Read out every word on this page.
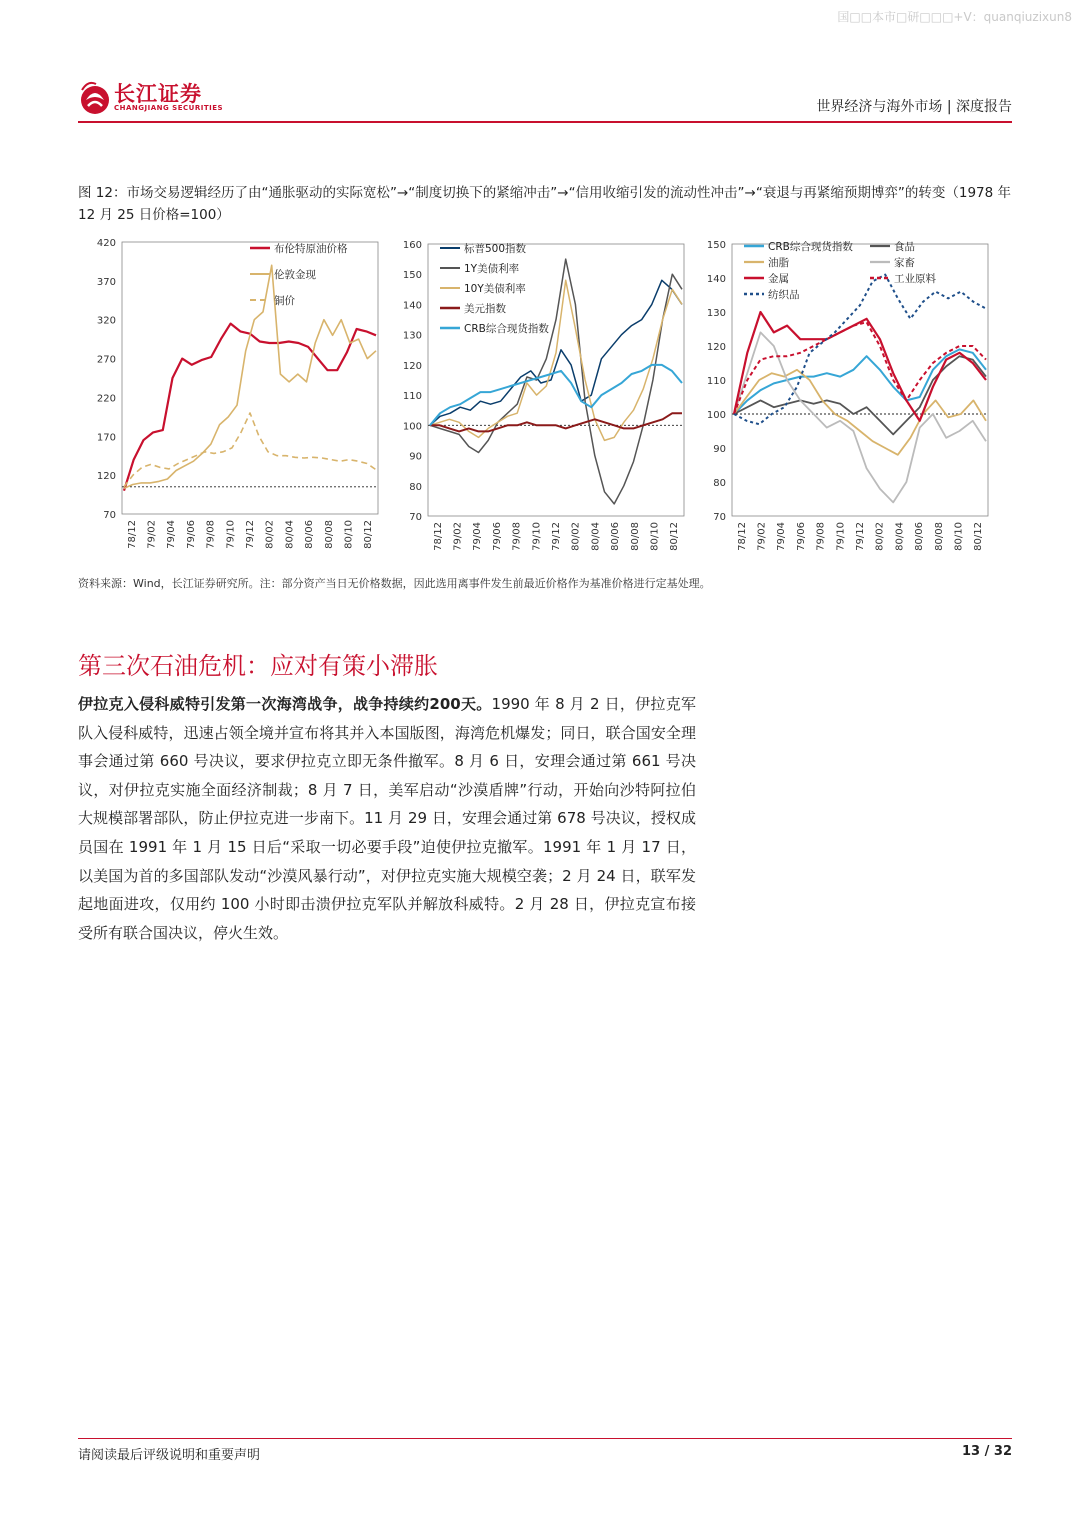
国□□本市□研□□□+V：quanqiuzixun8
长江证券
CHANGJIANG SECURITIES	世界经济与海外市场 | 深度报告
图 12：市场交易逻辑经历了由“通胀驱动的实际宽松”→“制度切换下的紧缩冲击”→“信用收缩引发的流动性冲击”→“衰退与再紧缩预期博弈”的转变（1978 年 12 月 25 日价格=100）
420
370
320
270
220
170
120
70
78/12 79/02 79/04 79/06 79/08 79/10 79/12 80/02 80/04 80/06 80/08 80/10 80/12
布伦特原油价格
伦敦金现
铜价
160
150
140
130
120
110
100
90
80
70
78/12 79/02 79/04 79/06 79/08 79/10 79/12 80/02 80/04 80/06 80/08 80/10 80/12
标普500指数
1Y美债利率
10Y美债利率
美元指数
CRB综合现货指数
150
140
130
120
110
100
90
80
70
78/12 79/02 79/04 79/06 79/08 79/10 79/12 80/02 80/04 80/06 80/08 80/10 80/12
CRB综合现货指数	食品
油脂	家畜
金属	工业原料
纺织品
资料来源：Wind，长江证券研究所。注：部分资产当日无价格数据，因此选用离事件发生前最近价格作为基准价格进行定基处理。
第三次石油危机：应对有策小滞胀
伊拉克入侵科威特引发第一次海湾战争，战争持续约200天。1990 年 8 月 2 日，伊拉克军队入侵科威特，迅速占领全境并宣布将其并入本国版图，海湾危机爆发；同日，联合国安全理事会通过第 660 号决议，要求伊拉克立即无条件撤军。8 月 6 日，安理会通过第 661 号决议，对伊拉克实施全面经济制裁；8 月 7 日，美军启动“沙漠盾牌”行动，开始向沙特阿拉伯大规模部署部队，防止伊拉克进一步南下。11 月 29 日，安理会通过第 678 号决议，授权成员国在 1991 年 1 月 15 日后“采取一切必要手段”迫使伊拉克撤军。1991 年 1 月 17 日，以美国为首的多国部队发动“沙漠风暴行动”，对伊拉克实施大规模空袭；2 月 24 日，联军发起地面进攻，仅用约 100 小时即击溃伊拉克军队并解放科威特。2 月 28 日，伊拉克宣布接受所有联合国决议，停火生效。
请阅读最后评级说明和重要声明	13 / 32
